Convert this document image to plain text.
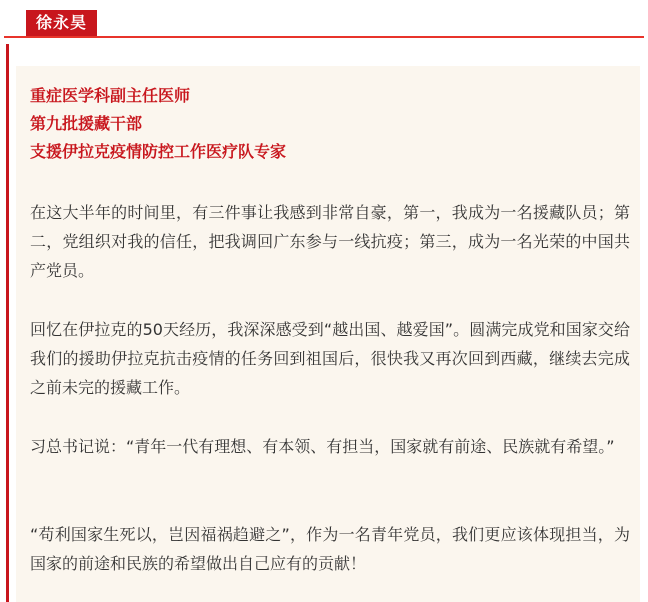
徐永昊
重症医学科副主任医师
第九批援藏干部
支援伊拉克疫情防控工作医疗队专家

在这大半年的时间里，有三件事让我感到非常自豪，第一，我成为一名援藏队员；第二，党组织对我的信任，把我调回广东参与一线抗疫；第三，成为一名光荣的中国共产党员。

回忆在伊拉克的50天经历，我深深感受到“越出国、越爱国”。圆满完成党和国家交给我们的援助伊拉克抗击疫情的任务回到祖国后，很快我又再次回到西藏，继续去完成之前未完的援藏工作。

习总书记说：“青年一代有理想、有本领、有担当，国家就有前途、民族就有希望。”

“苟利国家生死以，岂因福祸趋避之”，作为一名青年党员，我们更应该体现担当，为国家的前途和民族的希望做出自己应有的贡献！
